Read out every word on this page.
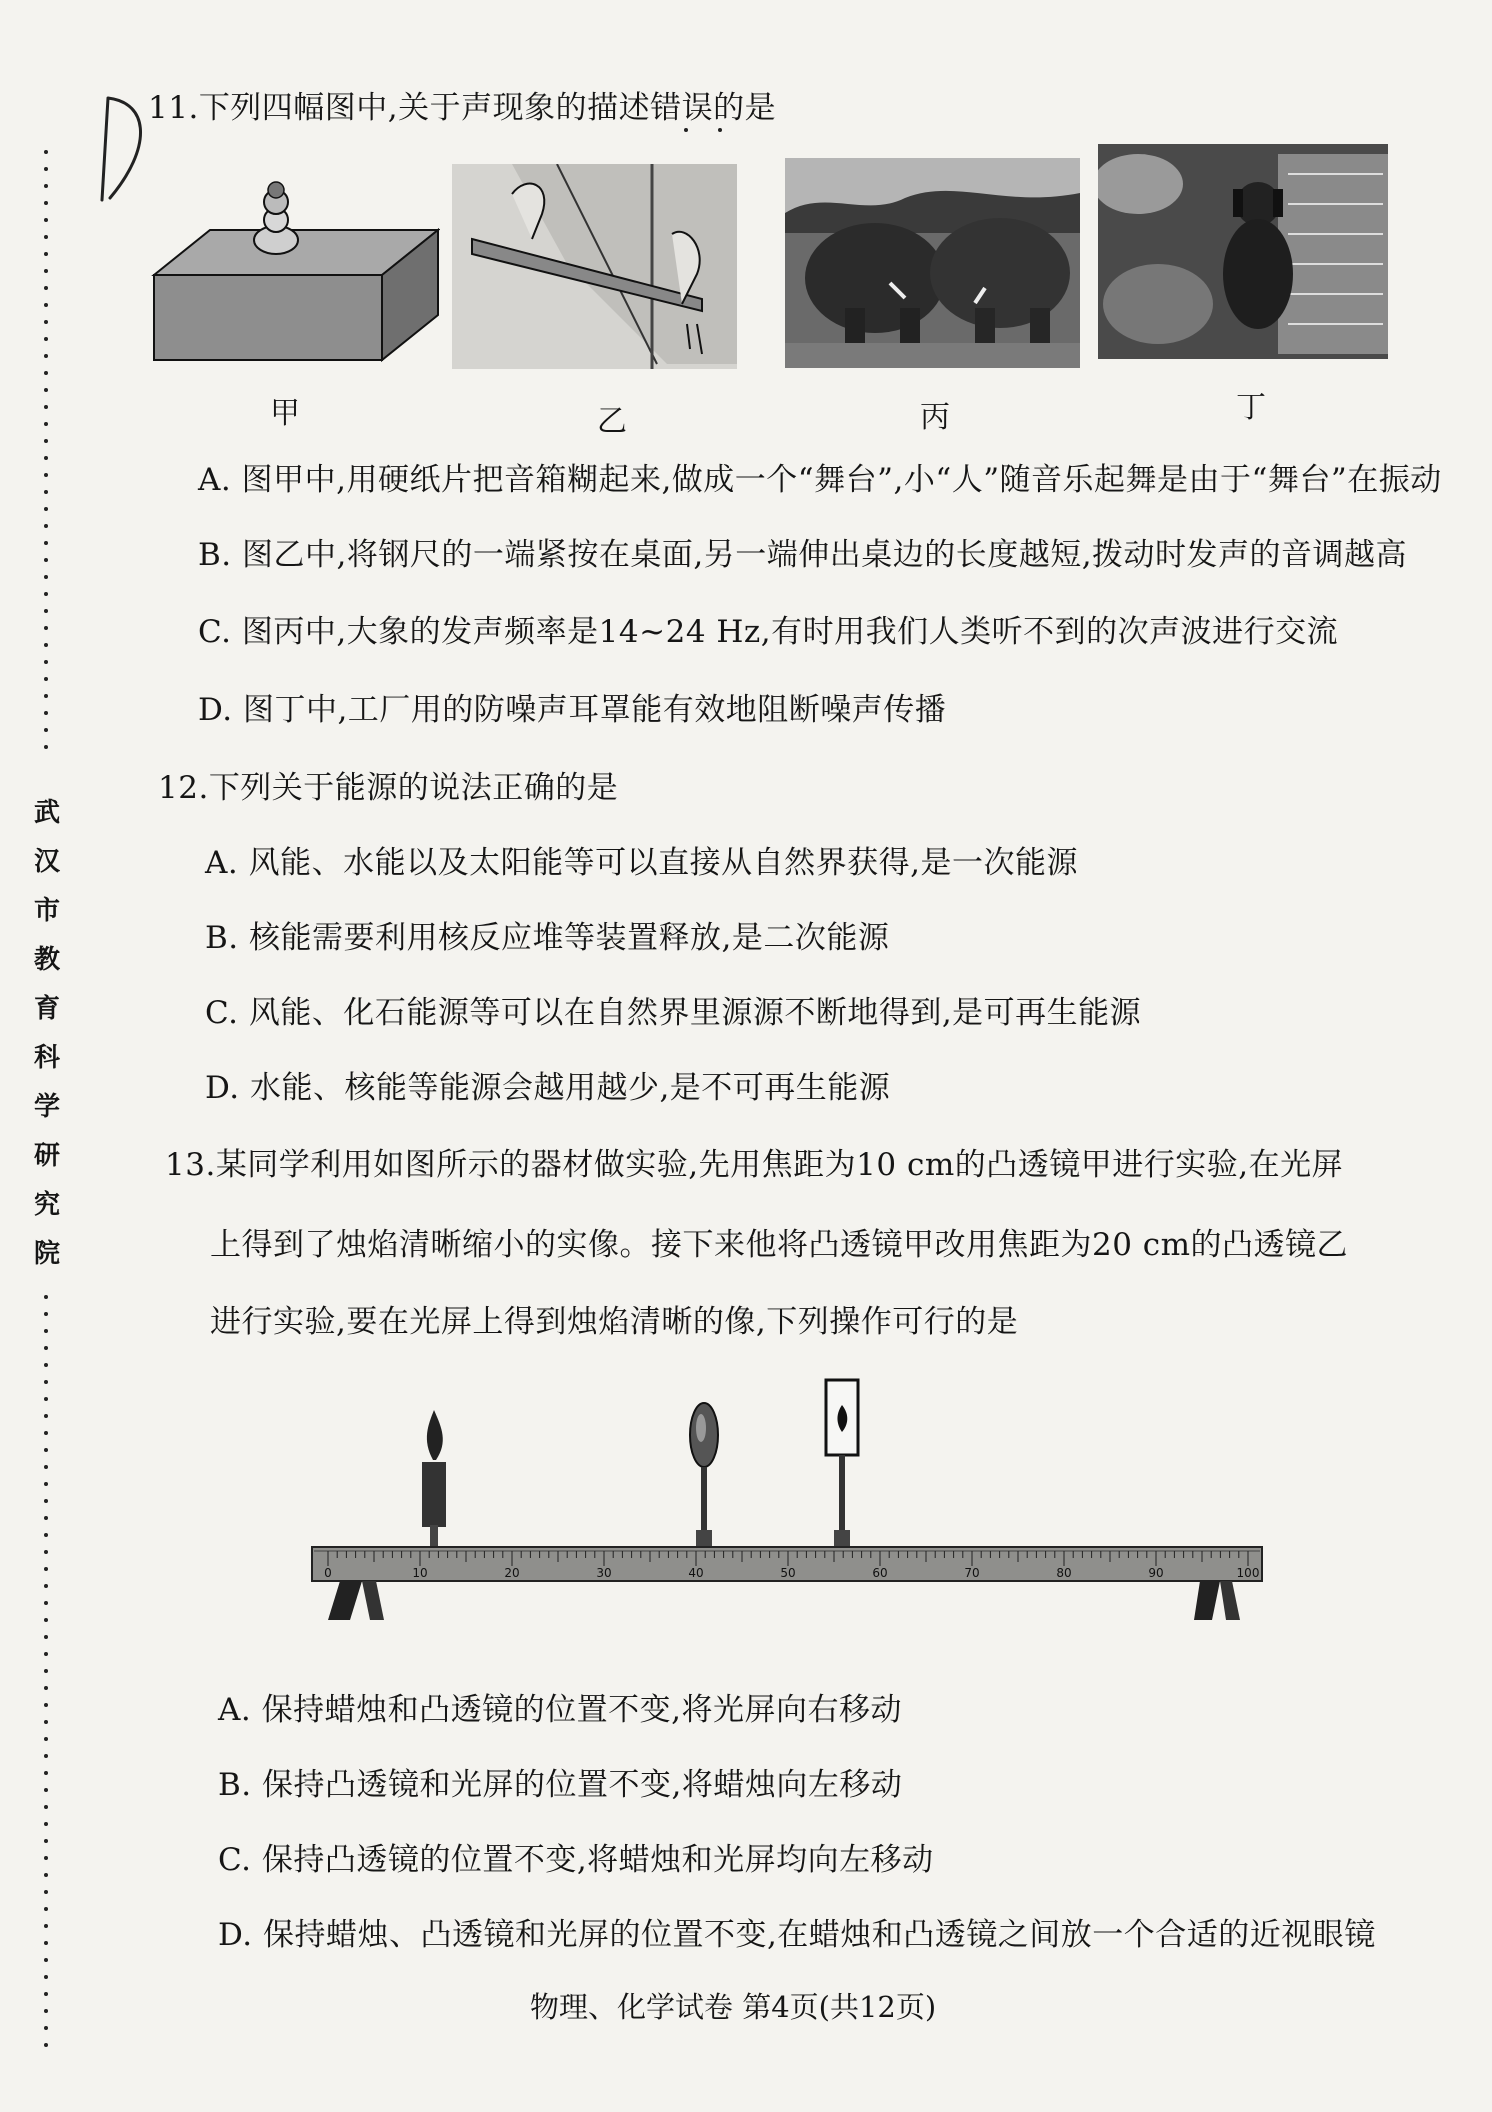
武
汉
市
教
育
科
学
研
究
院
11.下列四幅图中,关于声现象的描述错误的是
甲	乙	丙	丁
A. 图甲中,用硬纸片把音箱糊起来,做成一个“舞台”,小“人”随音乐起舞是由于“舞台”在振动
B. 图乙中,将钢尺的一端紧按在桌面,另一端伸出桌边的长度越短,拨动时发声的音调越高
C. 图丙中,大象的发声频率是14~24 Hz,有时用我们人类听不到的次声波进行交流
D. 图丁中,工厂用的防噪声耳罩能有效地阻断噪声传播
12.下列关于能源的说法正确的是
A. 风能、水能以及太阳能等可以直接从自然界获得,是一次能源
B. 核能需要利用核反应堆等装置释放,是二次能源
C. 风能、化石能源等可以在自然界里源源不断地得到,是可再生能源
D. 水能、核能等能源会越用越少,是不可再生能源
13.某同学利用如图所示的器材做实验,先用焦距为10 cm的凸透镜甲进行实验,在光屏
上得到了烛焰清晰缩小的实像。接下来他将凸透镜甲改用焦距为20 cm的凸透镜乙
进行实验,要在光屏上得到烛焰清晰的像,下列操作可行的是
0	10	20	30	40	50	60	70	80	90	100
A. 保持蜡烛和凸透镜的位置不变,将光屏向右移动
B. 保持凸透镜和光屏的位置不变,将蜡烛向左移动
C. 保持凸透镜的位置不变,将蜡烛和光屏均向左移动
D. 保持蜡烛、凸透镜和光屏的位置不变,在蜡烛和凸透镜之间放一个合适的近视眼镜
物理、化学试卷 第4页(共12页)
